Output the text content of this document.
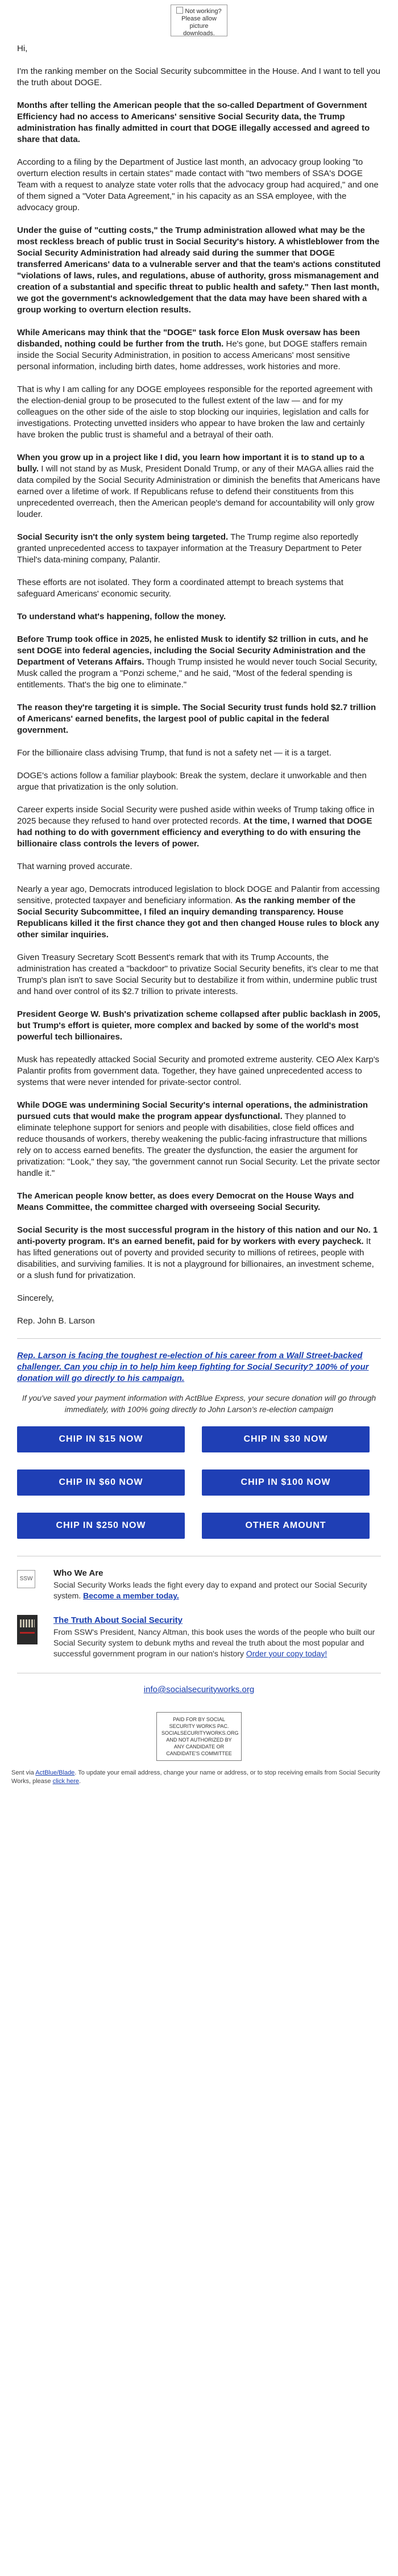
Not working? Please allow picture downloads.

Hi,

I'm the ranking member on the Social Security subcommittee in the House. And I want to tell you the truth about DOGE.

Months after telling the American people that the so-called Department of Government Efficiency had no access to Americans' sensitive Social Security data, the Trump administration has finally admitted in court that DOGE illegally accessed and agreed to share that data.

According to a filing by the Department of Justice last month, an advocacy group looking "to overturn election results in certain states" made contact with "two members of SSA's DOGE Team with a request to analyze state voter rolls that the advocacy group had acquired," and one of them signed a "Voter Data Agreement," in his capacity as an SSA employee, with the advocacy group.

Under the guise of "cutting costs," the Trump administration allowed what may be the most reckless breach of public trust in Social Security's history. A whistleblower from the Social Security Administration had already said during the summer that DOGE transferred Americans' data to a vulnerable server and that the team's actions constituted "violations of laws, rules, and regulations, abuse of authority, gross mismanagement and creation of a substantial and specific threat to public health and safety." Then last month, we got the government's acknowledgement that the data may have been shared with a group working to overturn election results.

While Americans may think that the "DOGE" task force Elon Musk oversaw has been disbanded, nothing could be further from the truth. He's gone, but DOGE staffers remain inside the Social Security Administration, in position to access Americans' most sensitive personal information, including birth dates, home addresses, work histories and more.

That is why I am calling for any DOGE employees responsible for the reported agreement with the election-denial group to be prosecuted to the fullest extent of the law — and for my colleagues on the other side of the aisle to stop blocking our inquiries, legislation and calls for investigations. Protecting unvetted insiders who appear to have broken the law and certainly have broken the public trust is shameful and a betrayal of their oath.

When you grow up in a project like I did, you learn how important it is to stand up to a bully. I will not stand by as Musk, President Donald Trump, or any of their MAGA allies raid the data compiled by the Social Security Administration or diminish the benefits that Americans have earned over a lifetime of work. If Republicans refuse to defend their constituents from this unprecedented overreach, then the American people's demand for accountability will only grow louder.

Social Security isn't the only system being targeted. The Trump regime also reportedly granted unprecedented access to taxpayer information at the Treasury Department to Peter Thiel's data-mining company, Palantir.

These efforts are not isolated. They form a coordinated attempt to breach systems that safeguard Americans' economic security.

To understand what's happening, follow the money.

Before Trump took office in 2025, he enlisted Musk to identify $2 trillion in cuts, and he sent DOGE into federal agencies, including the Social Security Administration and the Department of Veterans Affairs. Though Trump insisted he would never touch Social Security, Musk called the program a "Ponzi scheme," and he said, "Most of the federal spending is entitlements. That's the big one to eliminate."

The reason they're targeting it is simple. The Social Security trust funds hold $2.7 trillion of Americans' earned benefits, the largest pool of public capital in the federal government.

For the billionaire class advising Trump, that fund is not a safety net — it is a target.

DOGE's actions follow a familiar playbook: Break the system, declare it unworkable and then argue that privatization is the only solution.

Career experts inside Social Security were pushed aside within weeks of Trump taking office in 2025 because they refused to hand over protected records. At the time, I warned that DOGE had nothing to do with government efficiency and everything to do with ensuring the billionaire class controls the levers of power.

That warning proved accurate.

Nearly a year ago, Democrats introduced legislation to block DOGE and Palantir from accessing sensitive, protected taxpayer and beneficiary information. As the ranking member of the Social Security Subcommittee, I filed an inquiry demanding transparency. House Republicans killed it the first chance they got and then changed House rules to block any other similar inquiries.

Given Treasury Secretary Scott Bessent's remark that with its Trump Accounts, the administration has created a "backdoor" to privatize Social Security benefits, it's clear to me that Trump's plan isn't to save Social Security but to destabilize it from within, undermine public trust and hand over control of its $2.7 trillion to private interests.

President George W. Bush's privatization scheme collapsed after public backlash in 2005, but Trump's effort is quieter, more complex and backed by some of the world's most powerful tech billionaires.

Musk has repeatedly attacked Social Security and promoted extreme austerity. CEO Alex Karp's Palantir profits from government data. Together, they have gained unprecedented access to systems that were never intended for private-sector control.

While DOGE was undermining Social Security's internal operations, the administration pursued cuts that would make the program appear dysfunctional. They planned to eliminate telephone support for seniors and people with disabilities, close field offices and reduce thousands of workers, thereby weakening the public-facing infrastructure that millions rely on to access earned benefits. The greater the dysfunction, the easier the argument for privatization: "Look," they say, "the government cannot run Social Security. Let the private sector handle it."

The American people know better, as does every Democrat on the House Ways and Means Committee, the committee charged with overseeing Social Security.

Social Security is the most successful program in the history of this nation and our No. 1 anti-poverty program. It's an earned benefit, paid for by workers with every paycheck. It has lifted generations out of poverty and provided security to millions of retirees, people with disabilities, and surviving families. It is not a playground for billionaires, an investment scheme, or a slush fund for privatization.

Sincerely,

Rep. John B. Larson

Rep. Larson is facing the toughest re-election of his career from a Wall Street-backed challenger. Can you chip in to help him keep fighting for Social Security? 100% of your donation will go directly to his campaign.

If you've saved your payment information with ActBlue Express, your secure donation will go through immediately, with 100% going directly to John Larson's re-election campaign

CHIP IN $15 NOW	CHIP IN $30 NOW
CHIP IN $60 NOW	CHIP IN $100 NOW
CHIP IN $250 NOW	OTHER AMOUNT
SSW
Who We Are
Social Security Works leads the fight every day to expand and protect our Social Security system. Become a member today.
The Truth About Social Security
From SSW's President, Nancy Altman, this book uses the words of the people who built our Social Security system to debunk myths and reveal the truth about the most popular and successful government program in our nation's history Order your copy today!
info@socialsecurityworks.org
PAID FOR BY SOCIAL SECURITY WORKS PAC. SOCIALSECURITYWORKS.ORG AND NOT AUTHORIZED BY ANY CANDIDATE OR CANDIDATE'S COMMITTEE
Sent via ActBlue/Blade. To update your email address, change your name or address, or to stop receiving emails from Social Security Works, please click here.
